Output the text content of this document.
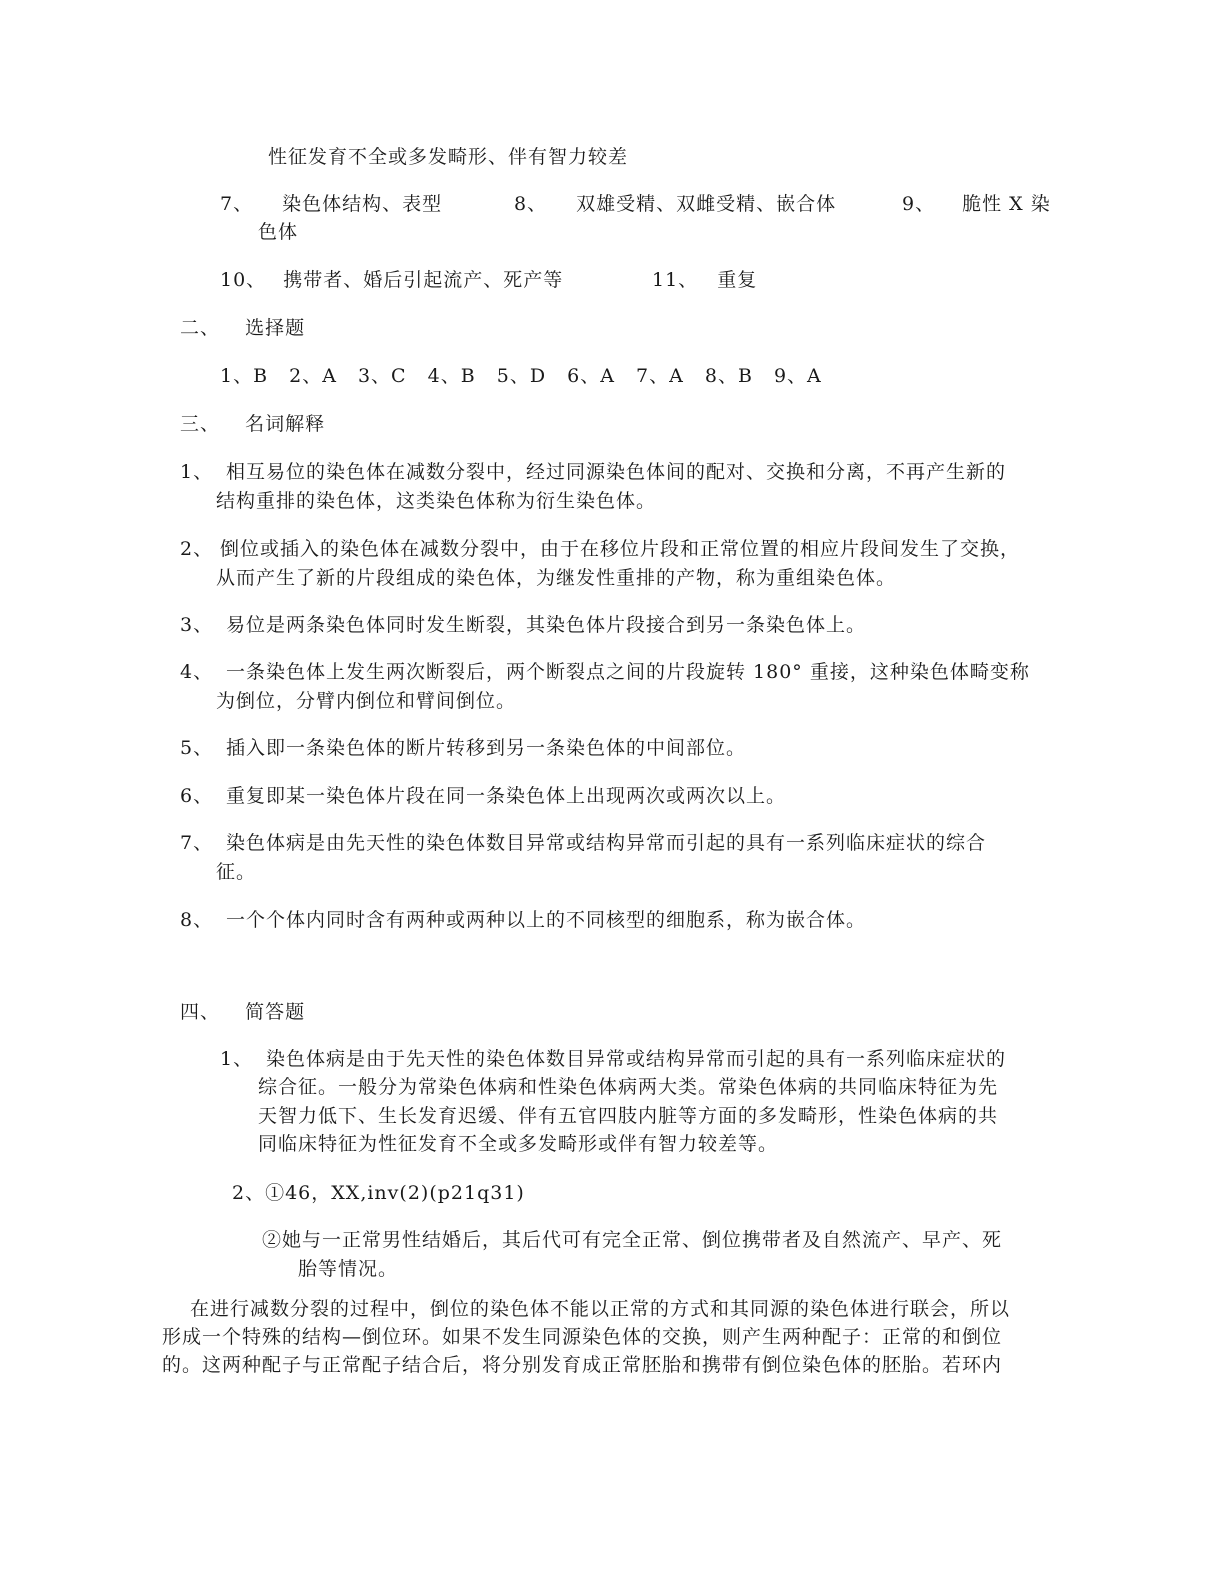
性征发育不全或多发畸形、伴有智力较差
7、 染色体结构、表型	8、 双雄受精、双雌受精、嵌合体	9、 脆性 X 染
色体
10、 携带者、婚后引起流产、死产等	11、 重复
二、 选择题
1、B 2、A 3、C 4、B 5、D 6、A 7、A 8、B 9、A
三、 名词解释
1、 相互易位的染色体在减数分裂中，经过同源染色体间的配对、交换和分离，不再产生新的
结构重排的染色体，这类染色体称为衍生染色体。
2、 倒位或插入的染色体在减数分裂中，由于在移位片段和正常位置的相应片段间发生了交换，
从而产生了新的片段组成的染色体，为继发性重排的产物，称为重组染色体。
3、 易位是两条染色体同时发生断裂，其染色体片段接合到另一条染色体上。
4、 一条染色体上发生两次断裂后，两个断裂点之间的片段旋转 180° 重接，这种染色体畸变称
为倒位，分臂内倒位和臂间倒位。
5、 插入即一条染色体的断片转移到另一条染色体的中间部位。
6、 重复即某一染色体片段在同一条染色体上出现两次或两次以上。
7、 染色体病是由先天性的染色体数目异常或结构异常而引起的具有一系列临床症状的综合
征。
8、 一个个体内同时含有两种或两种以上的不同核型的细胞系，称为嵌合体。
四、 简答题
1、 染色体病是由于先天性的染色体数目异常或结构异常而引起的具有一系列临床症状的
综合征。一般分为常染色体病和性染色体病两大类。常染色体病的共同临床特征为先
天智力低下、生长发育迟缓、伴有五官四肢内脏等方面的多发畸形，性染色体病的共
同临床特征为性征发育不全或多发畸形或伴有智力较差等。
2、①46，XX,inv(2)(p21q31)
②她与一正常男性结婚后，其后代可有完全正常、倒位携带者及自然流产、早产、死
胎等情况。
在进行减数分裂的过程中，倒位的染色体不能以正常的方式和其同源的染色体进行联会，所以
形成一个特殊的结构—倒位环。如果不发生同源染色体的交换，则产生两种配子：正常的和倒位
的。这两种配子与正常配子结合后，将分别发育成正常胚胎和携带有倒位染色体的胚胎。若环内
